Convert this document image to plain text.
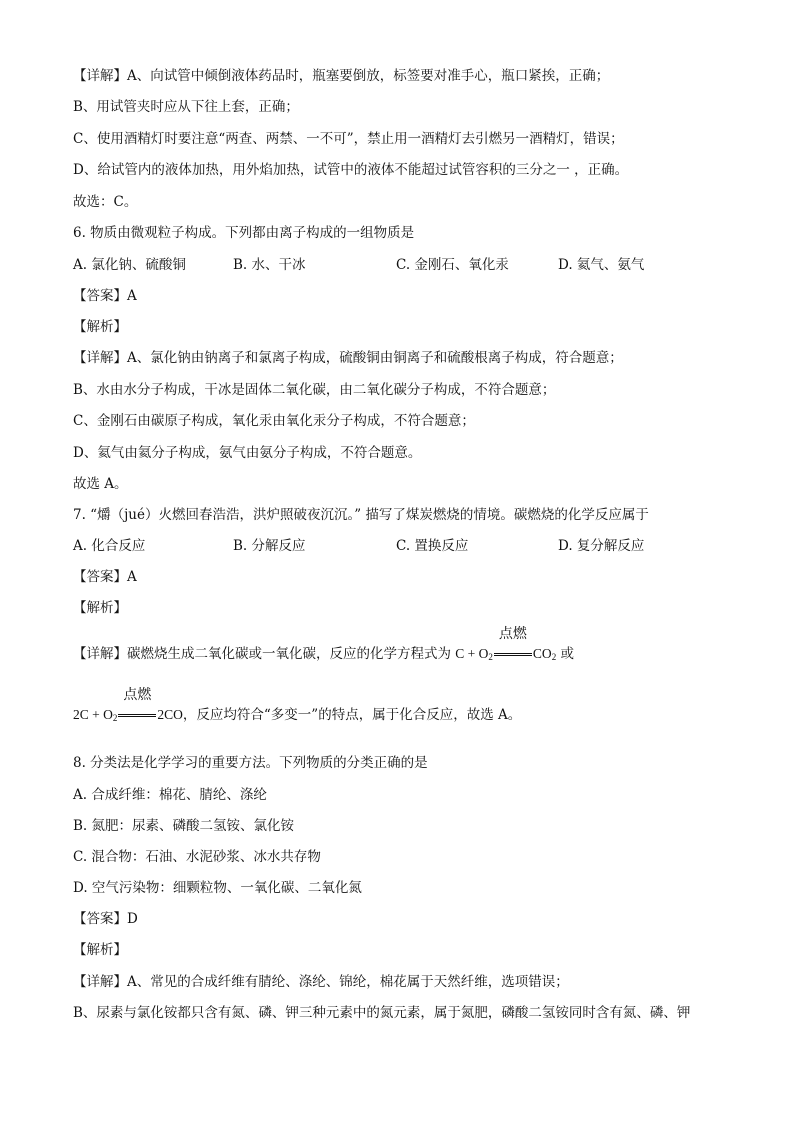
【详解】A、向试管中倾倒液体药品时，瓶塞要倒放，标签要对准手心，瓶口紧挨，正确；
B、用试管夹时应从下往上套，正确；
C、使用酒精灯时要注意“两查、两禁、一不可”，禁止用一酒精灯去引燃另一酒精灯，错误；
D、给试管内的液体加热，用外焰加热，试管中的液体不能超过试管容积的三分之一 ，正确。
故选：C。
6. 物质由微观粒子构成。下列都由离子构成的一组物质是
A. 氯化钠、硫酸铜	B. 水、干冰	C. 金刚石、氧化汞	D. 氦气、氨气
【答案】A
【解析】
【详解】A、氯化钠由钠离子和氯离子构成，硫酸铜由铜离子和硫酸根离子构成，符合题意；
B、水由水分子构成，干冰是固体二氧化碳，由二氧化碳分子构成，不符合题意；
C、金刚石由碳原子构成，氧化汞由氧化汞分子构成，不符合题意；
D、氦气由氦分子构成，氨气由氨分子构成，不符合题意。
故选 A。
7. “爝（jué）火燃回春浩浩，洪炉照破夜沉沉。” 描写了煤炭燃烧的情境。碳燃烧的化学反应属于
A. 化合反应	B. 分解反应	C. 置换反应	D. 复分解反应
【答案】A
【解析】
【详解】碳燃烧生成二氧化碳或一氧化碳，反应的化学方程式为 $C + O_2$
点燃
$CO_2$ 或
$2C + O_2$
点燃
2CO，反应均符合“多变一”的特点，属于化合反应，故选 A。
8. 分类法是化学学习的重要方法。下列物质的分类正确的是
A. 合成纤维：棉花、腈纶、涤纶
B. 氮肥：尿素、磷酸二氢铵、氯化铵
C. 混合物：石油、水泥砂浆、冰水共存物
D. 空气污染物：细颗粒物、一氧化碳、二氧化氮
【答案】D
【解析】
【详解】A、常见的合成纤维有腈纶、涤纶、锦纶，棉花属于天然纤维，选项错误；
B、尿素与氯化铵都只含有氮、磷、钾三种元素中的氮元素，属于氮肥，磷酸二氢铵同时含有氮、磷、钾
